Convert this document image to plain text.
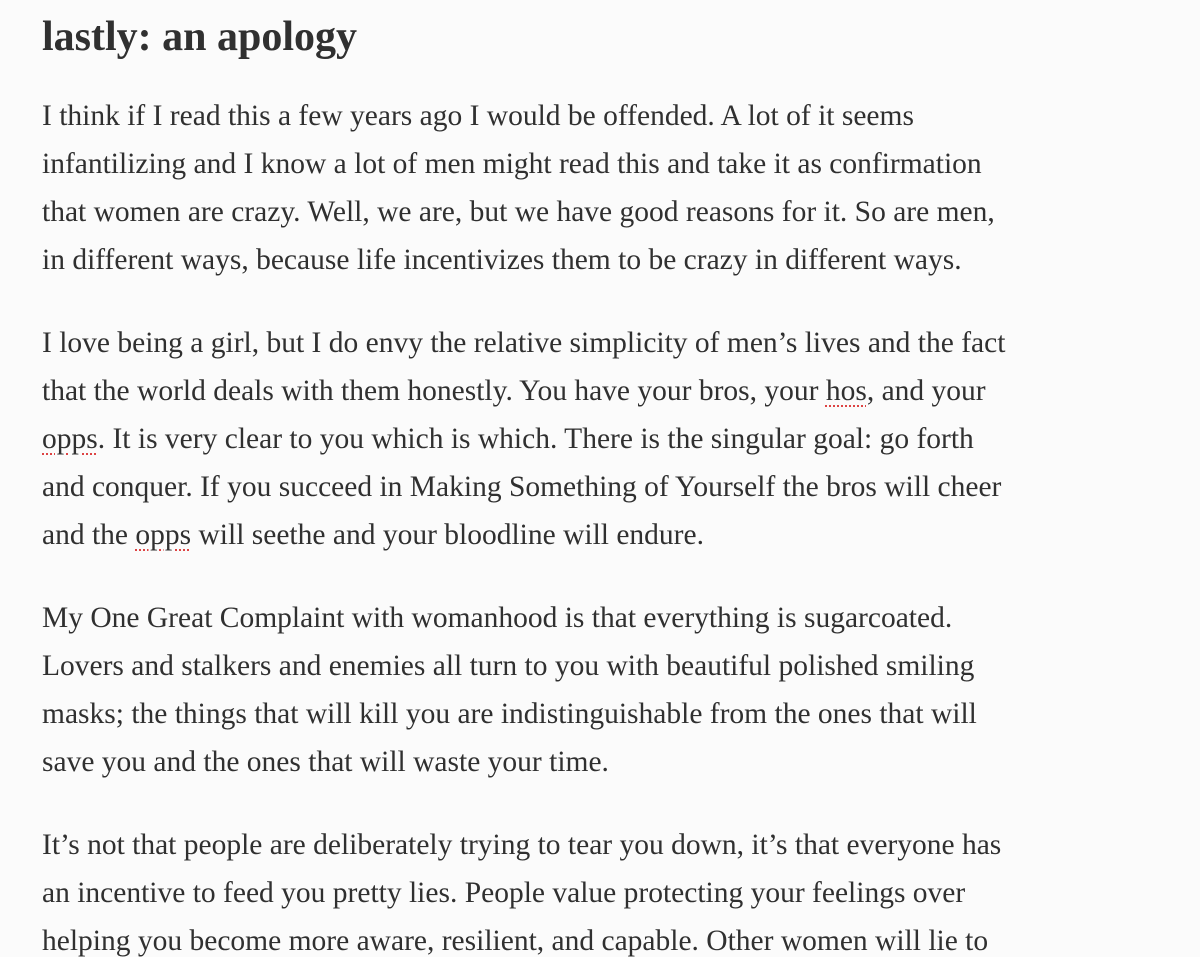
lastly: an apology

I think if I read this a few years ago I would be offended. A lot of it seems
infantilizing and I know a lot of men might read this and take it as confirmation
that women are crazy. Well, we are, but we have good reasons for it. So are men,
in different ways, because life incentivizes them to be crazy in different ways.

I love being a girl, but I do envy the relative simplicity of men’s lives and the fact
that the world deals with them honestly. You have your bros, your hos, and your
opps. It is very clear to you which is which. There is the singular goal: go forth
and conquer. If you succeed in Making Something of Yourself the bros will cheer
and the opps will seethe and your bloodline will endure.

My One Great Complaint with womanhood is that everything is sugarcoated.
Lovers and stalkers and enemies all turn to you with beautiful polished smiling
masks; the things that will kill you are indistinguishable from the ones that will
save you and the ones that will waste your time.

It’s not that people are deliberately trying to tear you down, it’s that everyone has
an incentive to feed you pretty lies. People value protecting your feelings over
helping you become more aware, resilient, and capable. Other women will lie to
